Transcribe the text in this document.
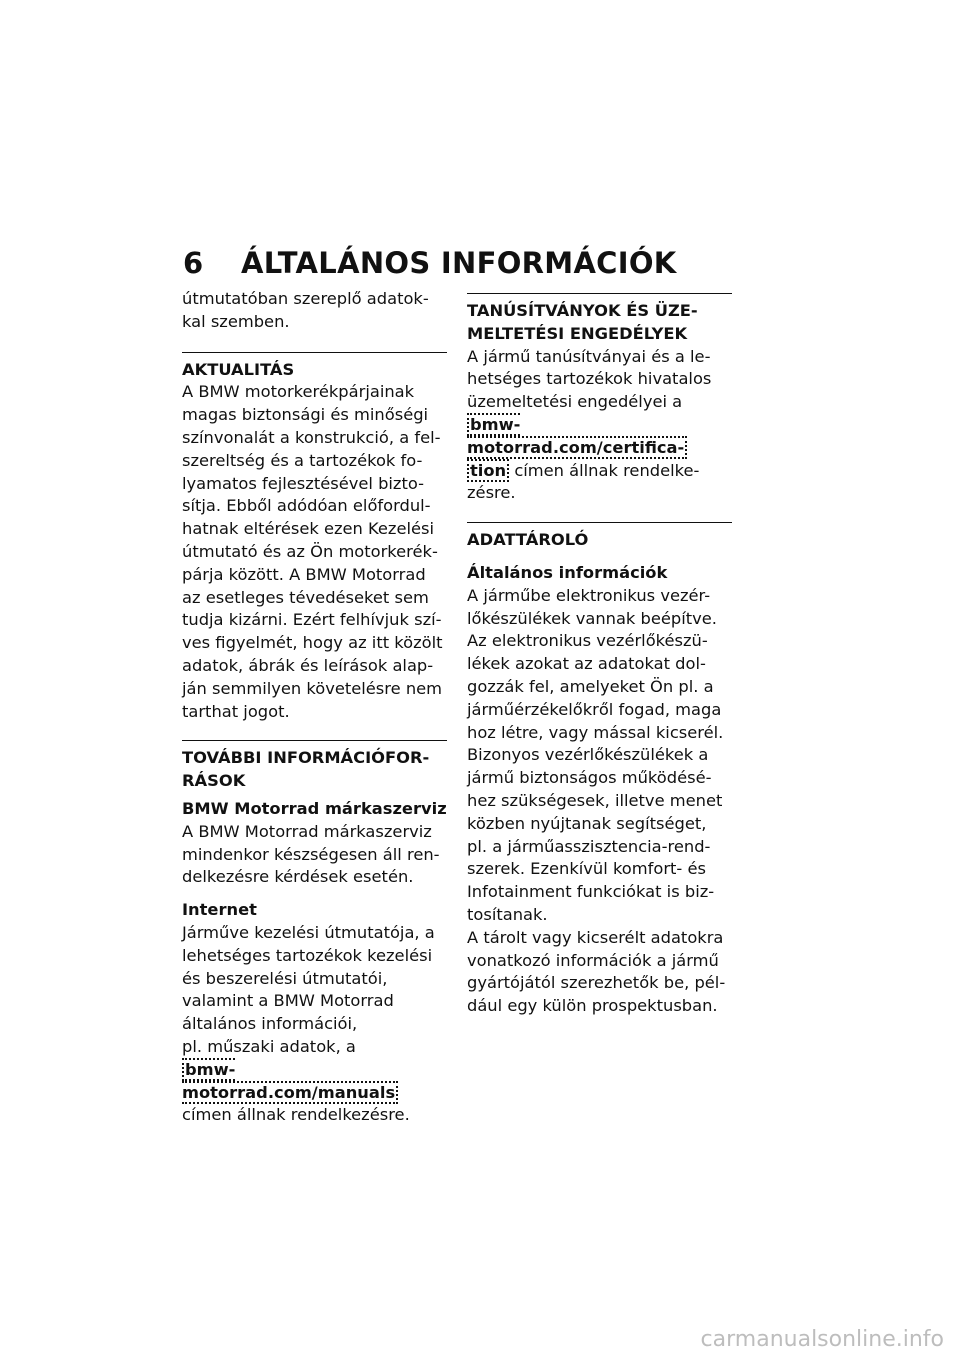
6 ÁLTALÁNOS INFORMÁCIÓK

útmutatóban szereplő adatok-
kal szemben.

AKTUALITÁS

A BMW motorkerékpárjainak
magas biztonsági és minőségi
színvonalát a konstrukció, a fel-
szereltség és a tartozékok fo-
lyamatos fejlesztésével bizto-
sítja. Ebből adódóan előfordul-
hatnak eltérések ezen Kezelési
útmutató és az Ön motorkerék-
párja között. A BMW Motorrad
az esetleges tévedéseket sem
tudja kizárni. Ezért felhívjuk szí-
ves figyelmét, hogy az itt közölt
adatok, ábrák és leírások alap-
ján semmilyen követelésre nem
tarthat jogot.

TOVÁBBI INFORMÁCIÓFOR-
RÁSOK
BMW Motorrad márkaszerviz

A BMW Motorrad márkaszerviz
mindenkor készségesen áll ren-
delkezésre kérdések esetén.

Internet

Járműve kezelési útmutatója, a
lehetséges tartozékok kezelési
és beszerelési útmutatói,
valamint a BMW Motorrad
általános információi,
pl. műszaki adatok, a
bmw-motorrad.com/manuals
címen állnak rendelkezésre.

TANÚSÍTVÁNYOK ÉS ÜZE-
MELTETÉSI ENGEDÉLYEK

A jármű tanúsítványai és a le-
hetséges tartozékok hivatalos
üzemeltetési engedélyei a
bmw-motorrad.com/certifica-
tion címen állnak rendelke-
zésre.

ADATTÁROLÓ
Általános információk

A járműbe elektronikus vezér-
lőkészülékek vannak beépítve.
Az elektronikus vezérlőkészü-
lékek azokat az adatokat dol-
gozzák fel, amelyeket Ön pl. a
járműérzékelőkről fogad, maga
hoz létre, vagy mással kicserél.
Bizonyos vezérlőkészülékek a
jármű biztonságos működésé-
hez szükségesek, illetve menet
közben nyújtanak segítséget,
pl. a járműasszisztencia-rend-
szerek. Ezenkívül komfort- és
Infotainment funkciókat is biz-
tosítanak.
A tárolt vagy kicserélt adatokra
vonatkozó információk a jármű
gyártójától szerezhetők be, pél-
dául egy külön prospektusban.

carmanualsonline.info
